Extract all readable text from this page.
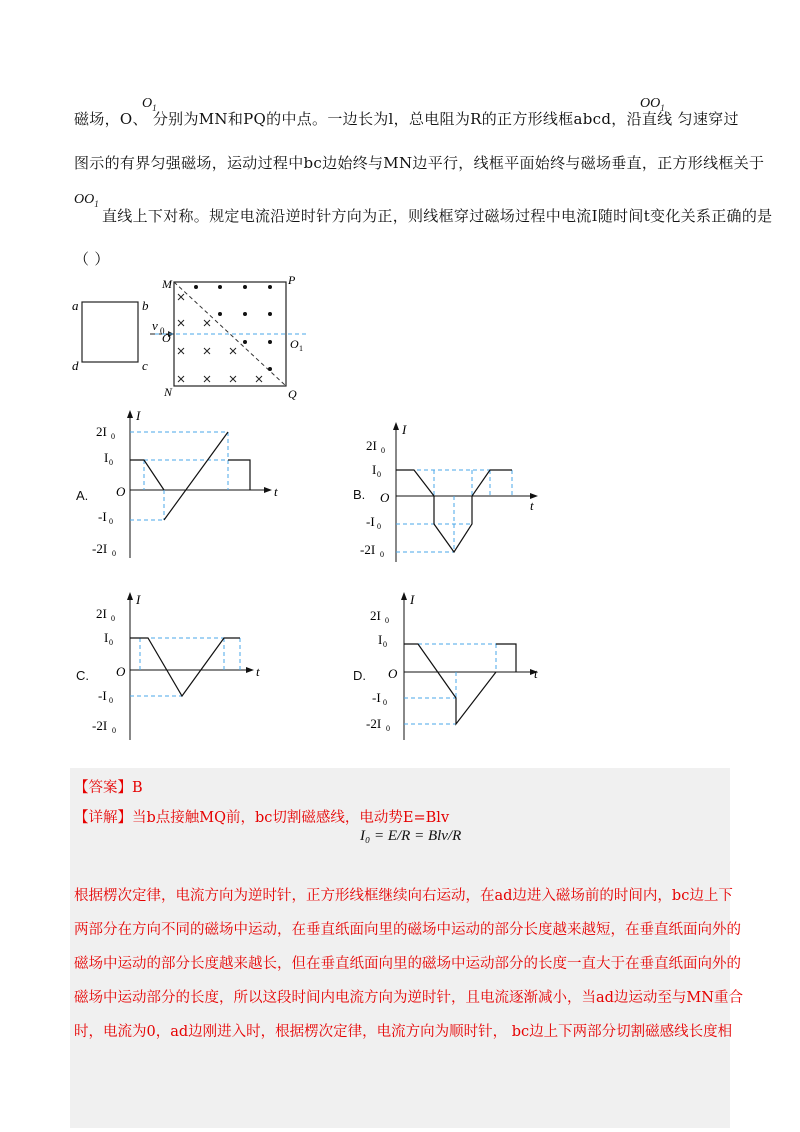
磁场，O、 分别为MN和PQ的中点。一边长为l，总电阻为R的正方形线框abcd，沿直线 匀速穿过
$O_1$	$OO_1$
图示的有界匀强磁场，运动过程中bc边始终与MN边平行，线框平面始终与磁场垂直，正方形线框关于
$OO_1$
直线上下对称。规定电流沿逆时针方向为正，则线框穿过磁场过程中电流I随时间t变化关系正确的是
（ ）
a	b
c
d
v 0
M	P
O	O 1
N	Q
A.	B.
C.	D.
I
t
2I 0
I 0
O
-I 0
-2I 0
I
t
2I 0
I 0
O
-I 0
-2I 0
I
t
2I 0
I 0
O
-I 0
-2I 0
I
t
2I 0
I 0
O
-I 0
-2I 0
【答案】B
【详解】当b点接触MQ前，bc切割磁感线，电动势E=Blv
I₀ = E/R = Blv/R
根据楞次定律，电流方向为逆时针，正方形线框继续向右运动，在ad边进入磁场前的时间内，bc边上下
两部分在方向不同的磁场中运动，在垂直纸面向里的磁场中运动的部分长度越来越短，在垂直纸面向外的
磁场中运动的部分长度越来越长，但在垂直纸面向里的磁场中运动部分的长度一直大于在垂直纸面向外的
磁场中运动部分的长度，所以这段时间内电流方向为逆时针，且电流逐渐减小，当ad边运动至与MN重合
时，电流为0，ad边刚进入时，根据楞次定律，电流方向为顺时针， bc边上下两部分切割磁感线长度相
